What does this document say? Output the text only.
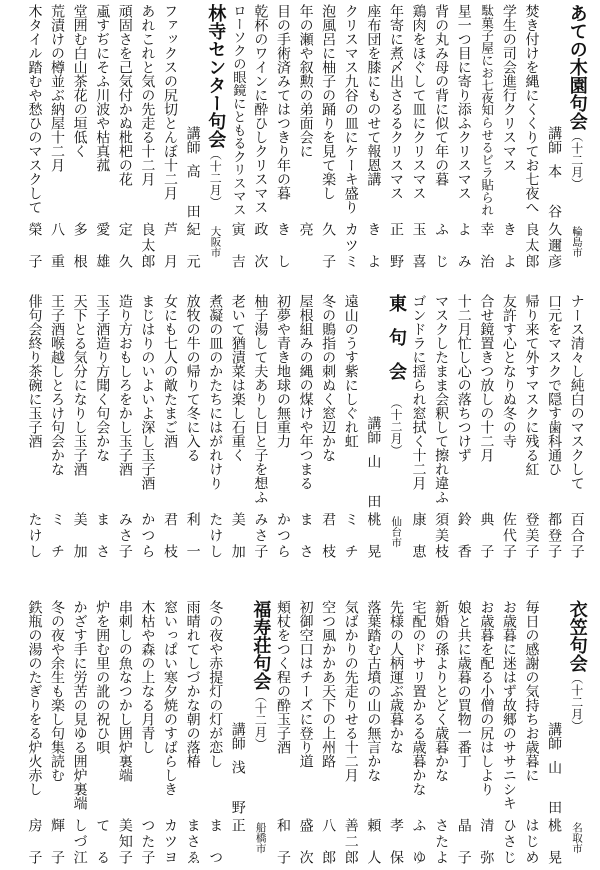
あての木園句会（十二月）
輪島市
講師
本谷
久邇彦
焚き付けを縄にくくりてお七夜へ
良太郎
学生の司会進行クリスマス
きよ
駄菓子屋にお七夜知らせるビラ貼られ
幸治
星一つ目に寄り添ふクリスマス
よみ
背の丸み母の背に似て年の暮
ふじ
鶏肉をほぐして皿にクリスマス
玉喜
年寄に煮〆出さるるクリスマス
正野
座布団を膝にものせて報恩講
きよ
クリスマス九谷の皿にケーキ盛り
カツミ
泡風呂に柚子の踊りを見て楽し
久子
年の瀬や叙勲の弟面会に
亮
目の手術済みてはつきり年の暮
きし
乾杯のワインに酔ひしクリスマス
政次
ローソクの眼鏡にともるクリスマス
寅吉
林寺センター句会（十二月）
大阪市
講師
高田
紀元
ファックスの尻切とんぼ十二月
芦月
あれこれと気の先走る十二月
良太郎
頑固さを己気付かぬ枇杷の花
定久
颪すぢにそふ川波や枯真菰
愛雄
堂囲む白山茶花の垣低く
多根
荒漬けの樽並ぶ納屋十二月
八重
木タイル踏むや愁ひのマスクして
榮子
ナース清々し純白のマスクして
百合子
口元をマスクで隠す歯科通ひ
都登子
帰り来て外すマスクに残る紅
登美子
友許す心となりぬ冬の寺
佐代子
合せ鏡置きつ放しの十二月
典子
十二月忙し心の落ちつけず
鈴香
マスクしたまま会釈して擦れ違ふ
須美枝
ゴンドラに揺られ窓拭く十二月
康恵
東句会（十二月）
仙台市
講師
山田
桃晃
遠山のうす紫にしぐれ虹
ミチ
冬の鵙指の刺ぬく窓辺かな
君枝
屋根組みの縄の煤けや年つまる
まさ
初夢や青き地球の無重力
かつら
柚子湯して夫ありし日と子を想ふ
みさ子
老いて猶漬菜は楽し石重く
美加
煮凝の皿のかたちにはがれけり
たけし
放牧の牛の帰りて冬に入る
利一
女にも七人の敵たまご酒
君枝
まじはりのいよいよ深し玉子酒
かつら
造り方おもしろをかし玉子酒
みさ子
玉子酒造り方聞く句会かな
まさ
天下とる気分になりし玉子酒
美加
王子酒喉越しとろけ句会かな
ミチ
俳句会終り茶碗に玉子酒
たけし
衣笠句会（十二月）
名取市
講師
山田
桃晃
毎日の感謝の気持ちお歳暮に
はじめ
お歳暮に迷はず故郷のササニシキ
ひさじ
お歳暮を配る小僧の尻はしより
清弥
娘と共に歳暮の買物一番丁
晶子
新婚の孫よりとどく歳暮かな
さたよ
宅配のドサリ置かるる歳暮かな
ふゆ
先様の人柄運ぶ歳暮かな
孝保
落葉踏む古墳の山の無言かな
頼人
気ばかりの先走りせる十二月
善二郎
空つ風かかあ天下の上州路
八郎
初御空口はチーズに登り道
盛次
頬杖をつく程の酔玉子酒
和子
福寿荘句会（十二月）
船橋市
講師
浅野
正
冬の夜や赤提灯の灯が恋し
まつ
雨晴れてしづかな朝の落椿
まさゑ
窓いっぱい寒夕焼のすばらしき
カツヨ
木枯や森の上なる月青し
つた子
串刺しの魚なつかし囲炉裏端
美知子
炉を囲む里の訛の祝ひ唄
てる
かざす手に労苦の見ゆる囲炉裏端
しづ江
冬の夜や余生も楽し句集読む
輝子
鉄瓶の湯のたぎりをる炉火赤し
房子
